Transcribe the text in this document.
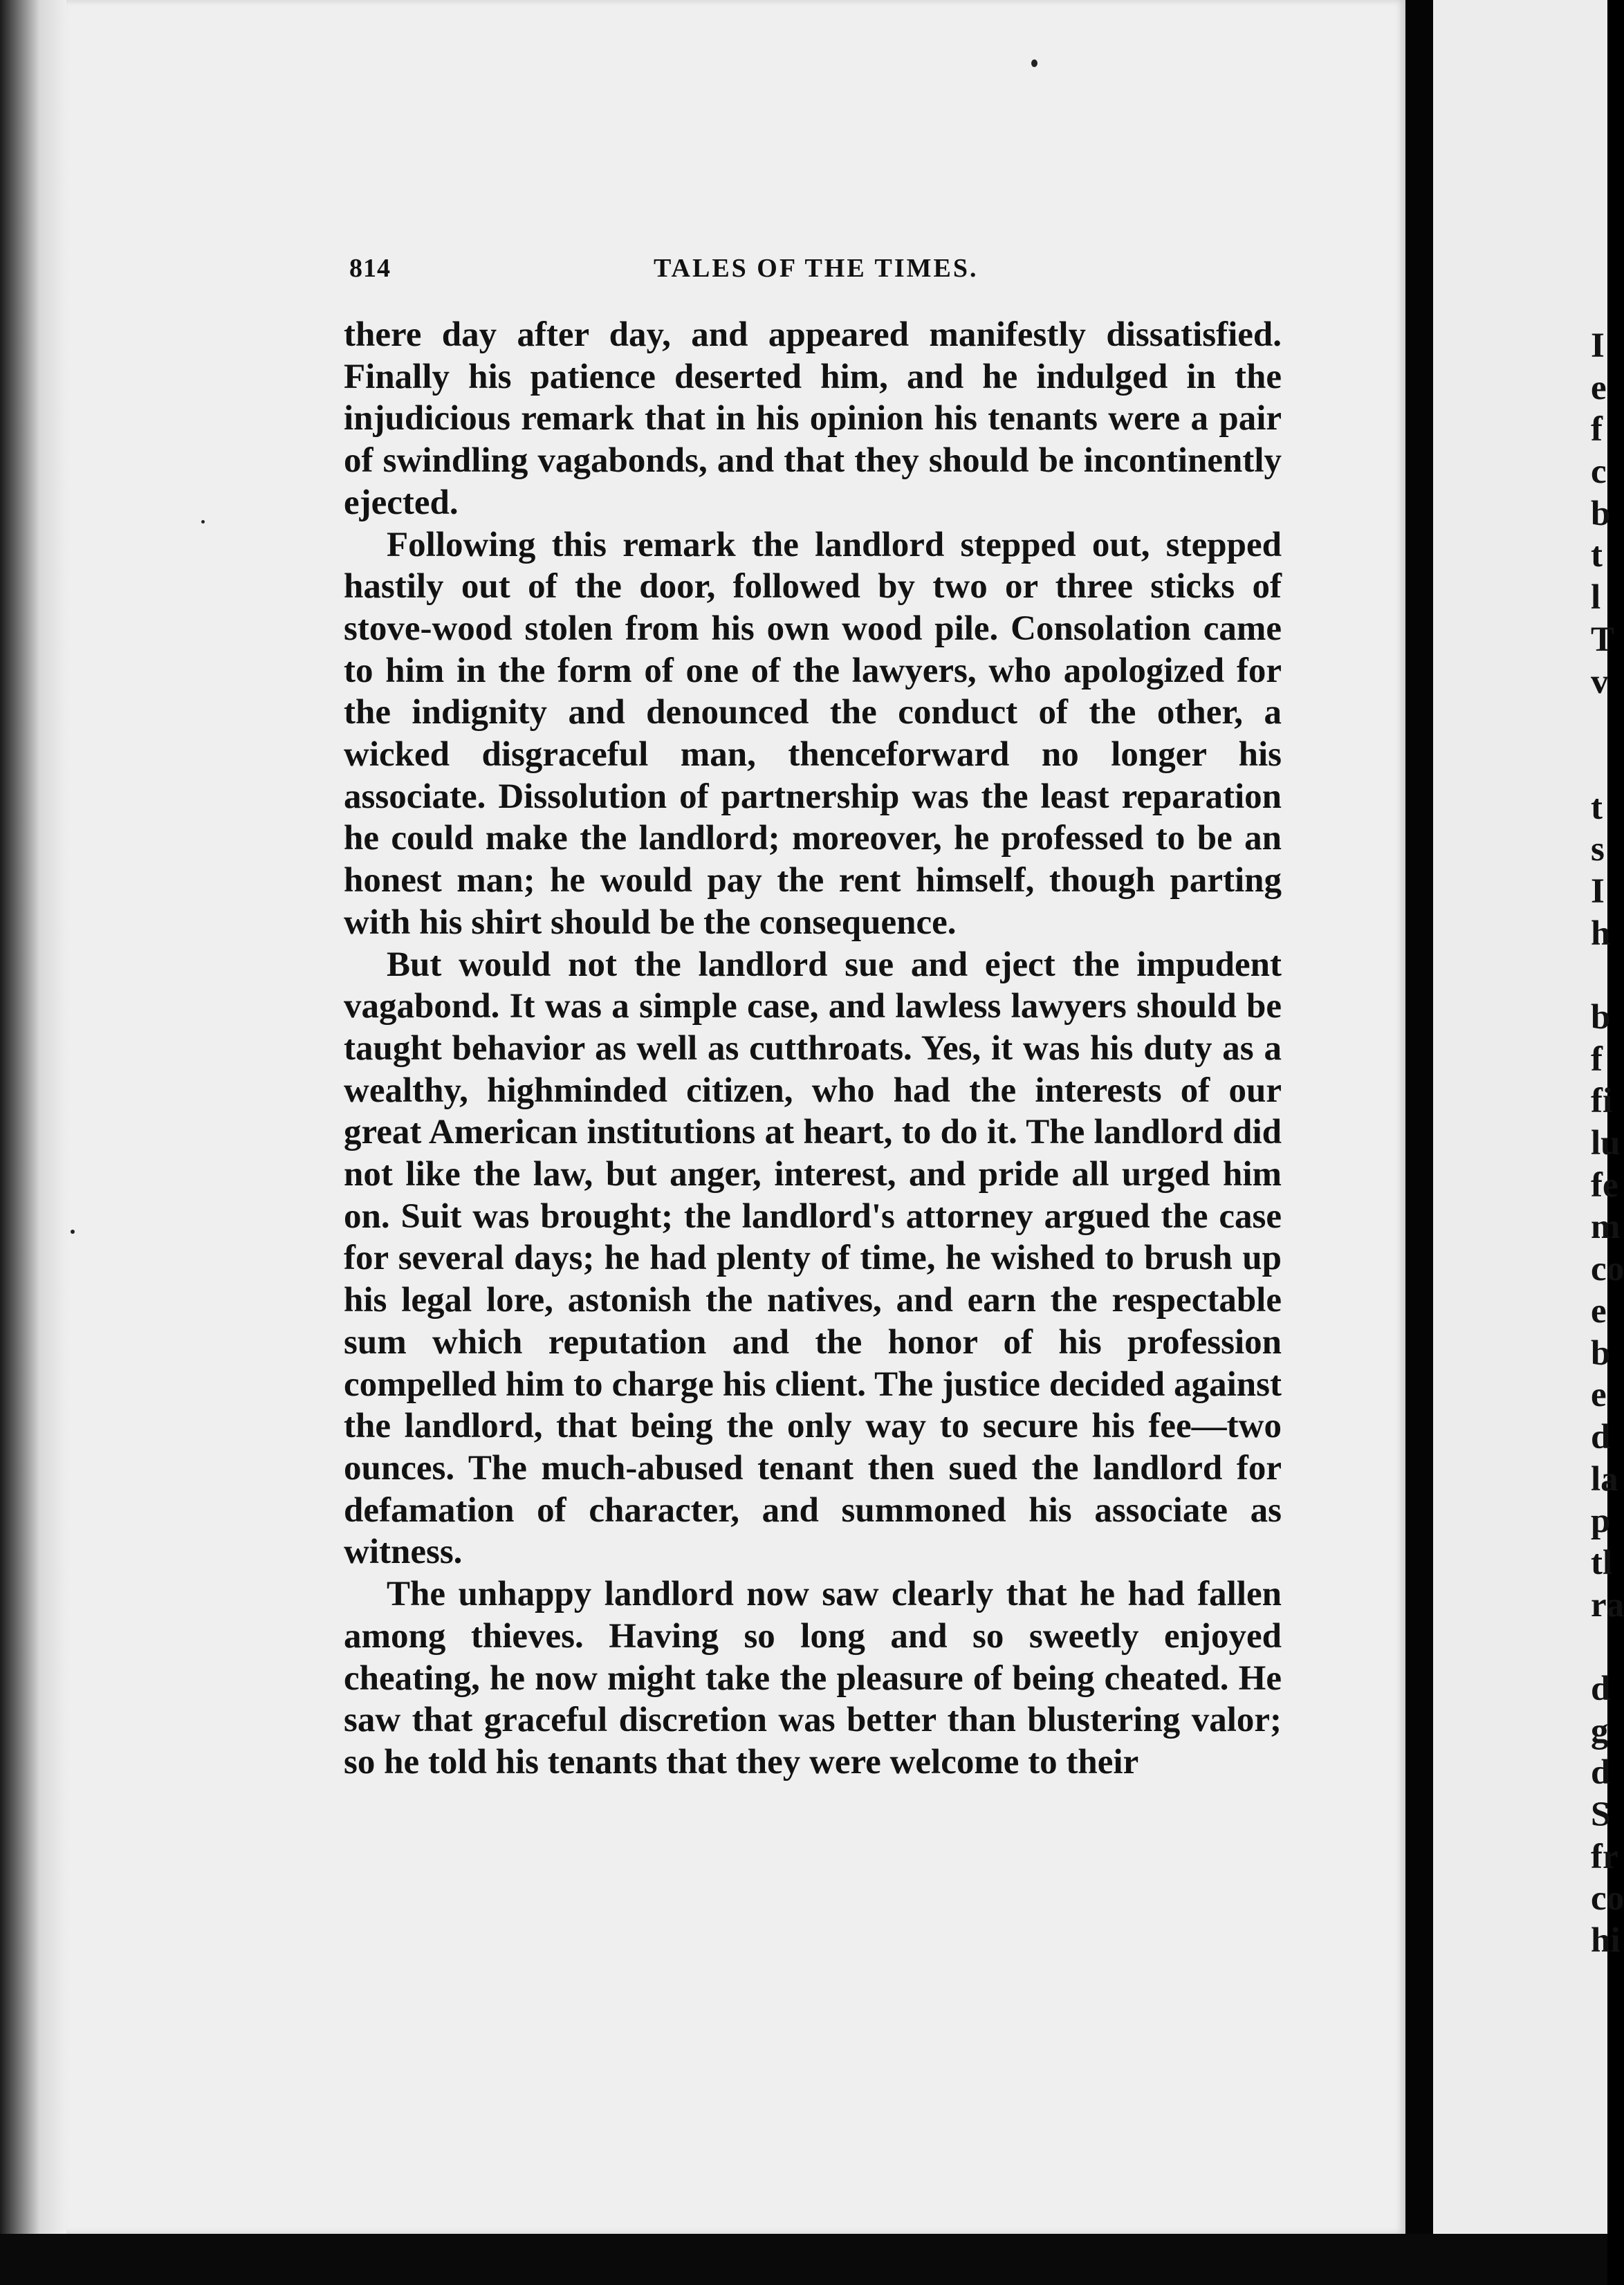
814	TALES OF THE TIMES.

there day after day, and appeared manifestly dissatisfied. Finally his patience deserted him, and he indulged in the injudicious remark that in his opinion his tenants were a pair of swindling vagabonds, and that they should be incontinently ejected.

Following this remark the landlord stepped out, stepped hastily out of the door, followed by two or three sticks of stove-wood stolen from his own wood pile. Consolation came to him in the form of one of the lawyers, who apologized for the indignity and denounced the conduct of the other, a wicked disgraceful man, thenceforward no longer his associate. Dissolution of partnership was the least reparation he could make the landlord; moreover, he professed to be an honest man; he would pay the rent himself, though parting with his shirt should be the consequence.

But would not the landlord sue and eject the impudent vagabond. It was a simple case, and lawless lawyers should be taught behavior as well as cutthroats. Yes, it was his duty as a wealthy, highminded citizen, who had the interests of our great American institutions at heart, to do it. The landlord did not like the law, but anger, interest, and pride all urged him on. Suit was brought; the landlord's attorney argued the case for several days; he had plenty of time, he wished to brush up his legal lore, astonish the natives, and earn the respectable sum which reputation and the honor of his profession compelled him to charge his client. The justice decided against the landlord, that being the only way to secure his fee—two ounces. The much-abused tenant then sued the landlord for defamation of character, and summoned his associate as witness.

The unhappy landlord now saw clearly that he had fallen among thieves. Having so long and so sweetly enjoyed cheating, he now might take the pleasure of being cheated. He saw that graceful discretion was better than blustering valor; so he told his tenants that they were welcome to their

I
e
f
c
b
t
l
T
v
t
s
I
h
b
f
fi
lu
fe
m
co
e
b
e
d
la
p
tl
ra
d
g
d
S
fr
co
hi
